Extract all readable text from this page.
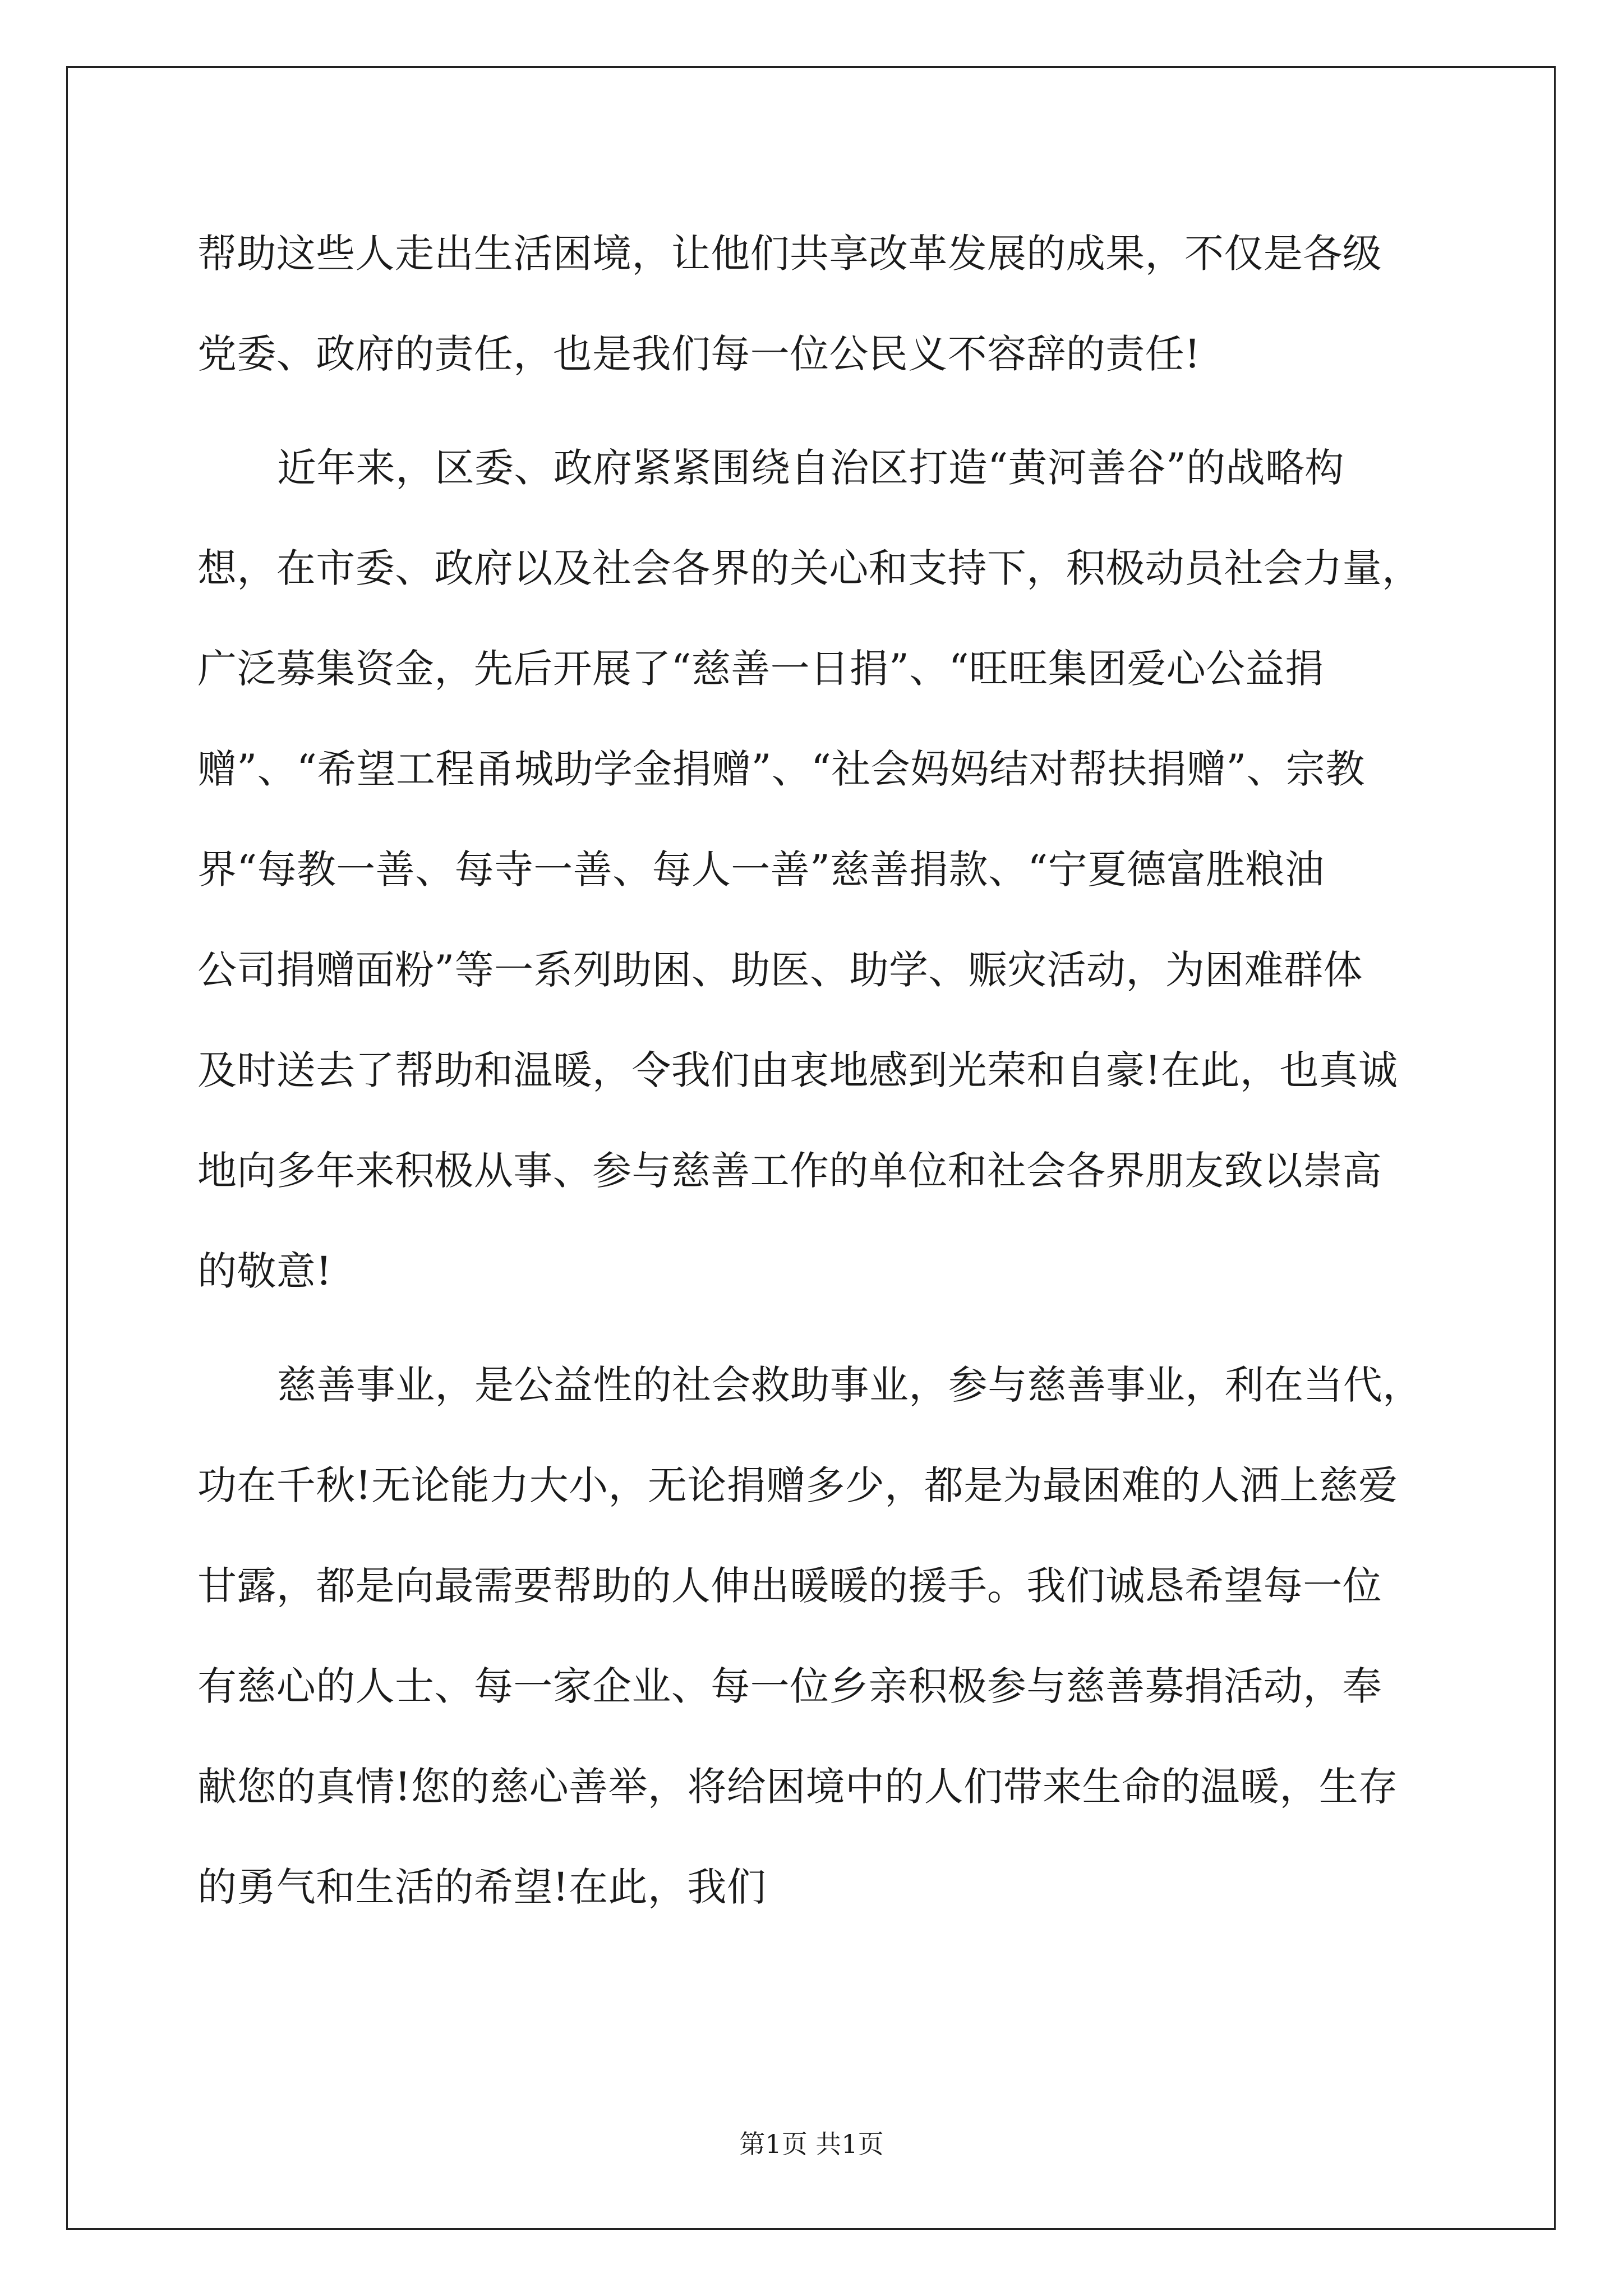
帮助这些人走出生活困境，让他们共享改革发展的成果，不仅是各级
党委、政府的责任，也是我们每一位公民义不容辞的责任!
近年来，区委、政府紧紧围绕自治区打造“黄河善谷”的战略构
想，在市委、政府以及社会各界的关心和支持下，积极动员社会力量，
广泛募集资金，先后开展了“慈善一日捐”、“旺旺集团爱心公益捐
赠”、“希望工程甬城助学金捐赠”、“社会妈妈结对帮扶捐赠”、宗教
界“每教一善、每寺一善、每人一善”慈善捐款、“宁夏德富胜粮油
公司捐赠面粉”等一系列助困、助医、助学、赈灾活动，为困难群体
及时送去了帮助和温暖，令我们由衷地感到光荣和自豪!在此，也真诚
地向多年来积极从事、参与慈善工作的单位和社会各界朋友致以崇高
的敬意!
慈善事业，是公益性的社会救助事业，参与慈善事业，利在当代，
功在千秋!无论能力大小，无论捐赠多少，都是为最困难的人洒上慈爱
甘露，都是向最需要帮助的人伸出暖暖的援手。我们诚恳希望每一位
有慈心的人士、每一家企业、每一位乡亲积极参与慈善募捐活动，奉
献您的真情!您的慈心善举，将给困境中的人们带来生命的温暖，生存
的勇气和生活的希望!在此，我们
第1页 共1页
